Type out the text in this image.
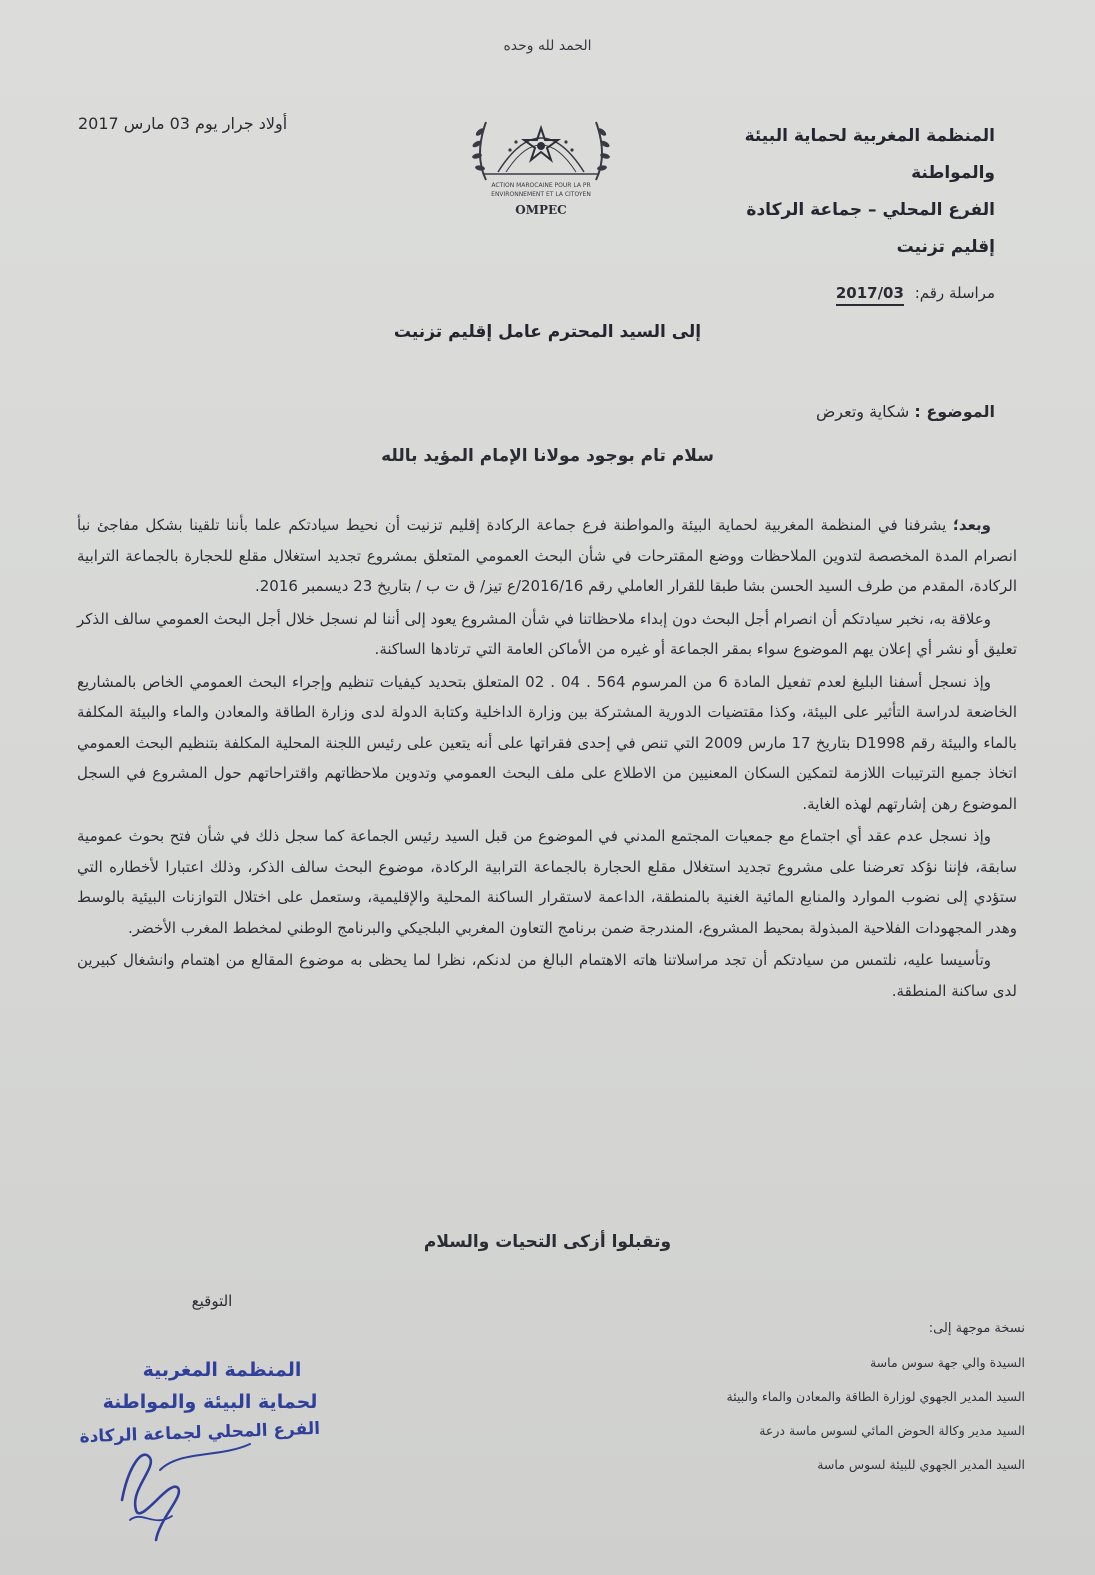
الحمد لله وحده
المنظمة المغربية لحماية البيئة والمواطنة
الفرع المحلي – جماعة الركادة
إقليم تزنيت
أولاد جرار يوم 03 مارس 2017
ACTION MAROCAINE POUR LA PR
ENVIRONNEMENT ET LA CITOYEN
OMPEC
مراسلة رقم: 2017/03
إلى السيد المحترم عامل إقليم تزنيت
الموضوع : شكاية وتعرض
سلام تام بوجود مولانا الإمام المؤيد بالله

وبعد؛ يشرفنا في المنظمة المغربية لحماية البيئة والمواطنة فرع جماعة الركادة إقليم تزنيت أن نحيط سيادتكم علما بأننا تلقينا بشكل مفاجئ نبأ انصرام المدة المخصصة لتدوين الملاحظات ووضع المقترحات في شأن البحث العمومي المتعلق بمشروع تجديد استغلال مقلع للحجارة بالجماعة الترابية الركادة، المقدم من طرف السيد الحسن بشا طبقا للقرار العاملي رقم 2016/16/ع تيز/ ق ت ب / بتاريخ 23 ديسمبر 2016.

وعلاقة به، نخبر سيادتكم أن انصرام أجل البحث دون إبداء ملاحظاتنا في شأن المشروع يعود إلى أننا لم نسجل خلال أجل البحث العمومي سالف الذكر تعليق أو نشر أي إعلان يهم الموضوع سواء بمقر الجماعة أو غيره من الأماكن العامة التي ترتادها الساكنة.

وإذ نسجل أسفنا البليغ لعدم تفعيل المادة 6 من المرسوم 564 . 04 . 02 المتعلق بتحديد كيفيات تنظيم وإجراء البحث العمومي الخاص بالمشاريع الخاضعة لدراسة التأثير على البيئة، وكذا مقتضيات الدورية المشتركة بين وزارة الداخلية وكتابة الدولة لدى وزارة الطاقة والمعادن والماء والبيئة المكلفة بالماء والبيئة رقم D1998 بتاريخ 17 مارس 2009 التي تنص في إحدى فقراتها على أنه يتعين على رئيس اللجنة المحلية المكلفة بتنظيم البحث العمومي اتخاذ جميع الترتيبات اللازمة لتمكين السكان المعنيين من الاطلاع على ملف البحث العمومي وتدوين ملاحظاتهم واقتراحاتهم حول المشروع في السجل الموضوع رهن إشارتهم لهذه الغاية.

وإذ نسجل عدم عقد أي اجتماع مع جمعيات المجتمع المدني في الموضوع من قبل السيد رئيس الجماعة كما سجل ذلك في شأن فتح بحوث عمومية سابقة، فإننا نؤكد تعرضنا على مشروع تجديد استغلال مقلع الحجارة بالجماعة الترابية الركادة، موضوع البحث سالف الذكر، وذلك اعتبارا لأخطاره التي ستؤدي إلى نضوب الموارد والمنابع المائية الغنية بالمنطقة، الداعمة لاستقرار الساكنة المحلية والإقليمية، وستعمل على اختلال التوازنات البيئية بالوسط وهدر المجهودات الفلاحية المبذولة بمحيط المشروع، المندرجة ضمن برنامج التعاون المغربي البلجيكي والبرنامج الوطني لمخطط المغرب الأخضر.

وتأسيسا عليه، نلتمس من سيادتكم أن تجد مراسلاتنا هاته الاهتمام البالغ من لدنكم، نظرا لما يحظى به موضوع المقالع من اهتمام وانشغال كبيرين لدى ساكنة المنطقة.

وتقبلوا أزكى التحيات والسلام
التوقيع
المنظمة المغربية
لحماية البيئة والمواطنة
الفرع المحلي لجماعة الركادة
نسخة موجهة إلى:
السيدة والي جهة سوس ماسة
السيد المدير الجهوي لوزارة الطاقة والمعادن والماء والبيئة
السيد مدير وكالة الحوض المائي لسوس ماسة درعة
السيد المدير الجهوي للبيئة لسوس ماسة
